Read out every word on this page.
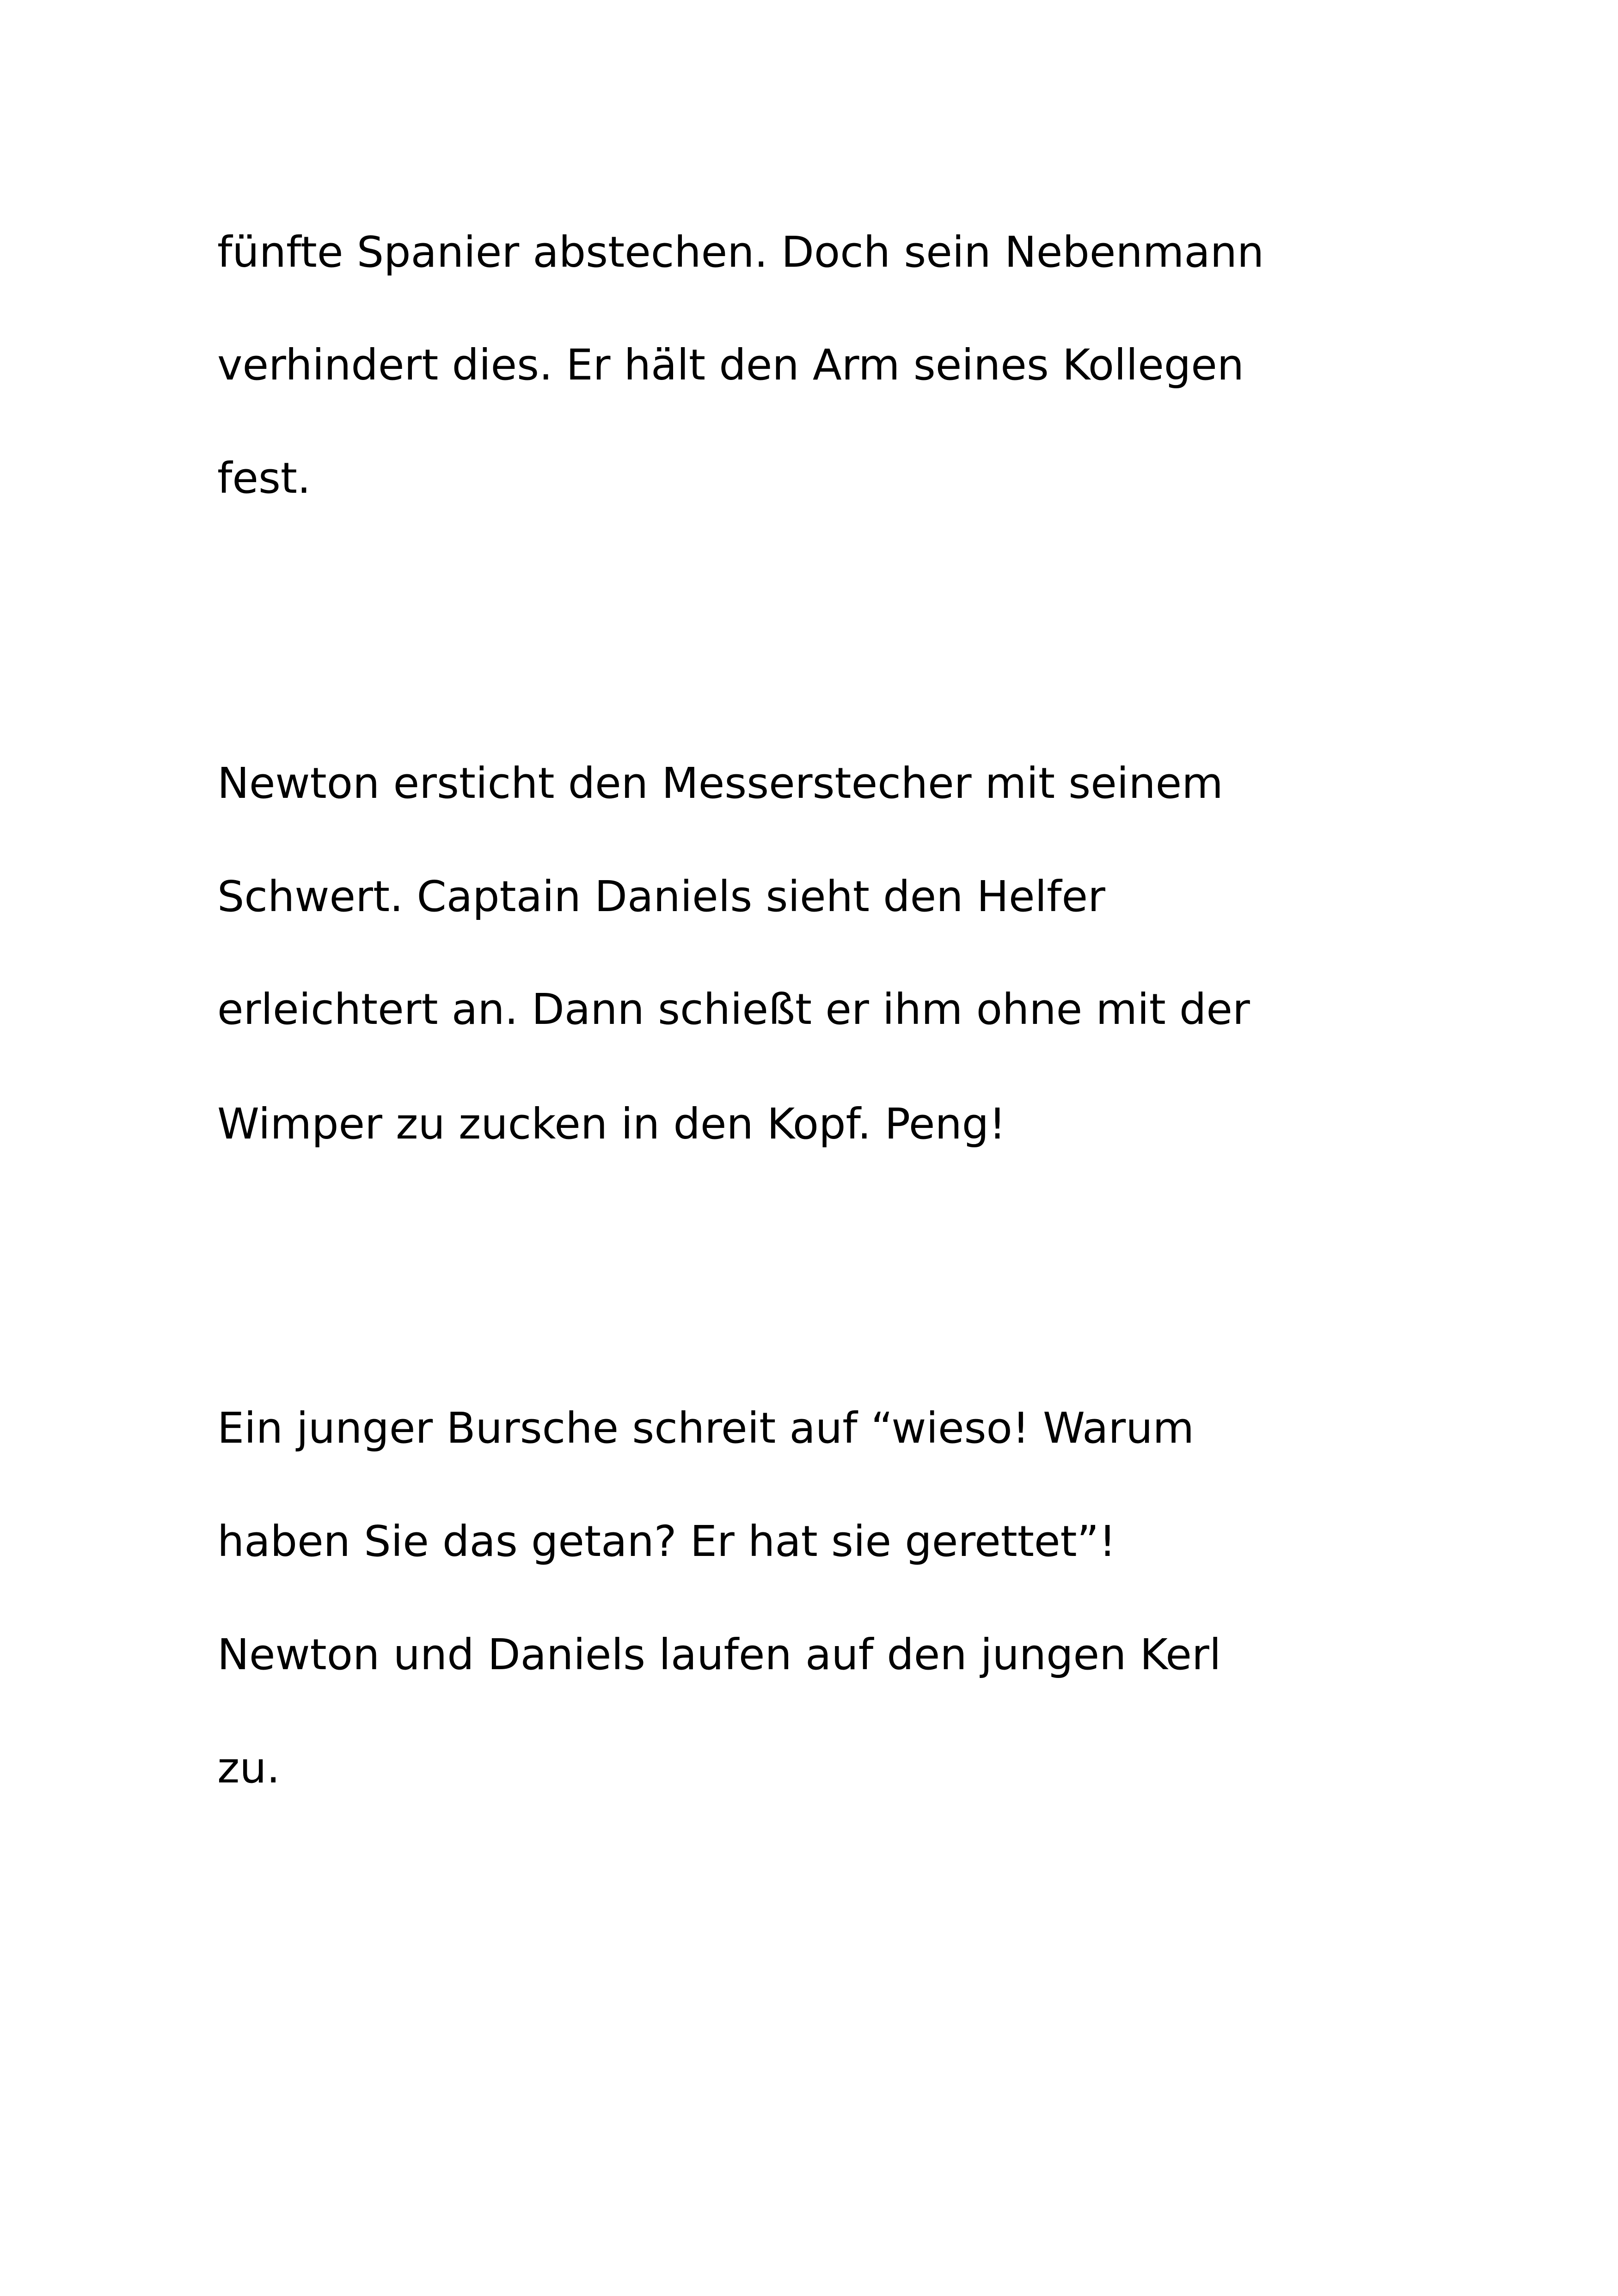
fünfte Spanier abstechen. Doch sein Nebenmann

verhindert dies. Er hält den Arm seines Kollegen

fest.

Newton ersticht den Messerstecher mit seinem

Schwert. Captain Daniels sieht den Helfer

erleichtert an. Dann schießt er ihm ohne mit der

Wimper zu zucken in den Kopf. Peng!

Ein junger Bursche schreit auf “wieso! Warum

haben Sie das getan? Er hat sie gerettet”!

Newton und Daniels laufen auf den jungen Kerl

zu.
